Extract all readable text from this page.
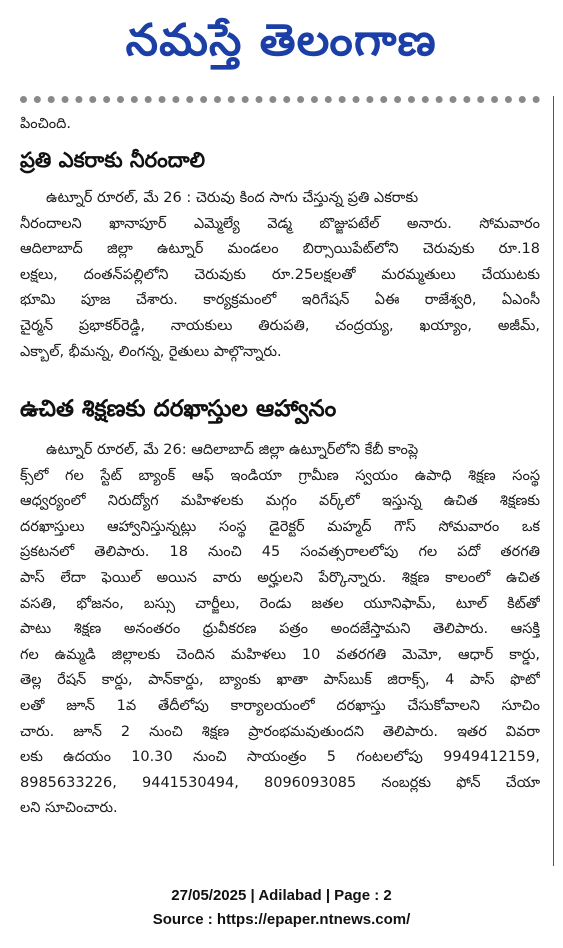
నమస్తే తెలంగాణ

పించింది.

ప్రతి ఎకరాకు నీరందాలి

ఉట్నూర్ రూరల్, మే 26 : చెరువు కింద సాగు చేస్తున్న ప్రతి ఎకరాకు
నీరందాలని ఖానాపూర్ ఎమ్మెల్యే వెడ్మ బొజ్జుపటేల్ అనారు. సోమవారం
ఆదిలాబాద్ జిల్లా ఉట్నూర్ మండలం బిర్సాయిపేట్‌లోని చెరువుకు రూ.18
లక్షలు, దంతన్‌పల్లిలోని చెరువుకు రూ.25లక్షలతో మరమ్మతులు చేయుటకు
భూమి పూజ చేశారు. కార్యక్రమంలో ఇరిగేషన్ ఏఈ రాజేశ్వరి, ఏఎంసీ
చైర్మన్ ప్రభాకర్‌రెడ్డి, నాయకులు తిరుపతి, చంద్రయ్య, ఖయ్యాం, అజీమ్,
ఎక్బాల్, భీమన్న, లింగన్న, రైతులు పాల్గొన్నారు.

ఉచిత శిక్షణకు దరఖాస్తుల ఆహ్వానం

ఉట్నూర్ రూరల్, మే 26: ఆదిలాబాద్ జిల్లా ఉట్నూర్‌లోని కేబీ కాంప్లె
క్స్‌లో గల స్టేట్ బ్యాంక్ ఆఫ్ ఇండియా గ్రామీణ స్వయం ఉపాధి శిక్షణ సంస్థ
ఆధ్వర్యంలో నిరుద్యోగ మహిళలకు మగ్గం వర్క్‌లో ఇస్తున్న ఉచిత శిక్షణకు
దరఖాస్తులు ఆహ్వానిస్తున్నట్లు సంస్థ డైరెక్టర్ మహ్మద్ గౌస్ సోమవారం ఒక
ప్రకటనలో తెలిపారు. 18 నుంచి 45 సంవత్సరాలలోపు గల పదో తరగతి
పాస్ లేదా ఫెయిల్ అయిన వారు అర్హులని పేర్కొన్నారు. శిక్షణ కాలంలో ఉచిత
వసతి, భోజనం, బస్సు చార్జీలు, రెండు జతల యూనిఫామ్, టూల్ కిట్‌తో
పాటు శిక్షణ అనంతరం ధ్రువీకరణ పత్రం అందజేస్తామని తెలిపారు. ఆసక్తి
గల ఉమ్మడి జిల్లాలకు చెందిన మహిళలు 10 వతరగతి మెమో, ఆధార్ కార్డు,
తెల్ల రేషన్ కార్డు, పాన్‌కార్డు, బ్యాంకు ఖాతా పాస్‌బుక్ జిరాక్స్, 4 పాస్ ఫొటో
లతో జూన్ 1వ తేదీలోపు కార్యాలయంలో దరఖాస్తు చేసుకోవాలని సూచిం
చారు. జూన్ 2 నుంచి శిక్షణ ప్రారంభమవుతుందని తెలిపారు. ఇతర వివరా
లకు ఉదయం 10.30 నుంచి సాయంత్రం 5 గంటలలోపు 9949412159,
8985633226, 9441530494, 8096093085 నంబర్లకు ఫోన్ చేయా
లని సూచించారు.

27/05/2025 | Adilabad | Page : 2
Source : https://epaper.ntnews.com/
